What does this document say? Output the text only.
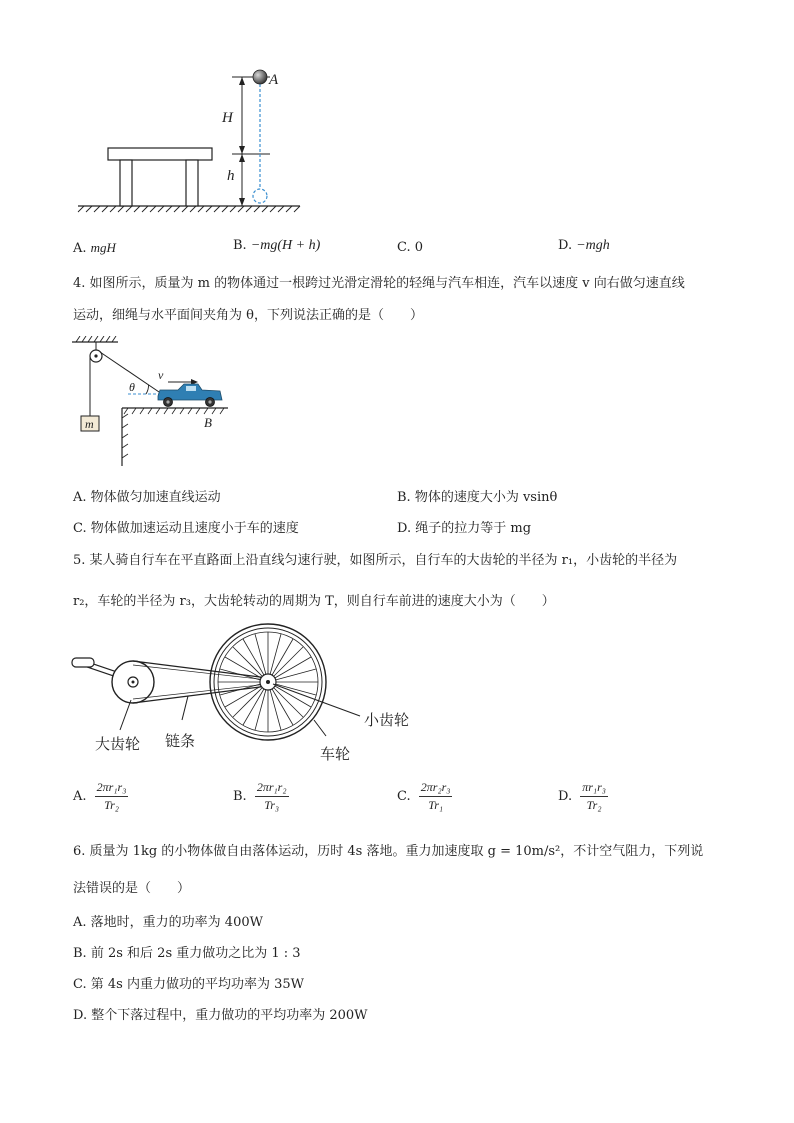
A
H
h
A. mgH	B. −mg(H + h)	C. 0	D. −mgh
4. 如图所示，质量为 m 的物体通过一根跨过光滑定滑轮的轻绳与汽车相连，汽车以速度 v 向右做匀速直线
运动，细绳与水平面间夹角为 θ，下列说法正确的是（　　）
m
θ
v
B
A. 物体做匀加速直线运动	B. 物体的速度大小为 vsinθ
C. 物体做加速运动且速度小于车的速度	D. 绳子的拉力等于 mg
5. 某人骑自行车在平直路面上沿直线匀速行驶，如图所示，自行车的大齿轮的半径为 r₁，小齿轮的半径为
r₂，车轮的半径为 r₃，大齿轮转动的周期为 T，则自行车前进的速度大小为（　　）
大齿轮 链条
小齿轮
车轮
A. $\frac{\text{2πr₁r₃}}{\text{Tr₂}}$	B. $\frac{\text{2πr₁r₂}}{\text{Tr₃}}$	C. $\frac{\text{2πr₂r₃}}{\text{Tr₁}}$	D. $\frac{\text{πr₁r₃}}{\text{Tr₂}}$
6. 质量为 1kg 的小物体做自由落体运动，历时 4s 落地。重力加速度取 g = 10m/s²，不计空气阻力，下列说
法错误的是（　　）
A. 落地时，重力的功率为 400W
B. 前 2s 和后 2s 重力做功之比为 1 : 3
C. 第 4s 内重力做功的平均功率为 35W
D. 整个下落过程中，重力做功的平均功率为 200W
